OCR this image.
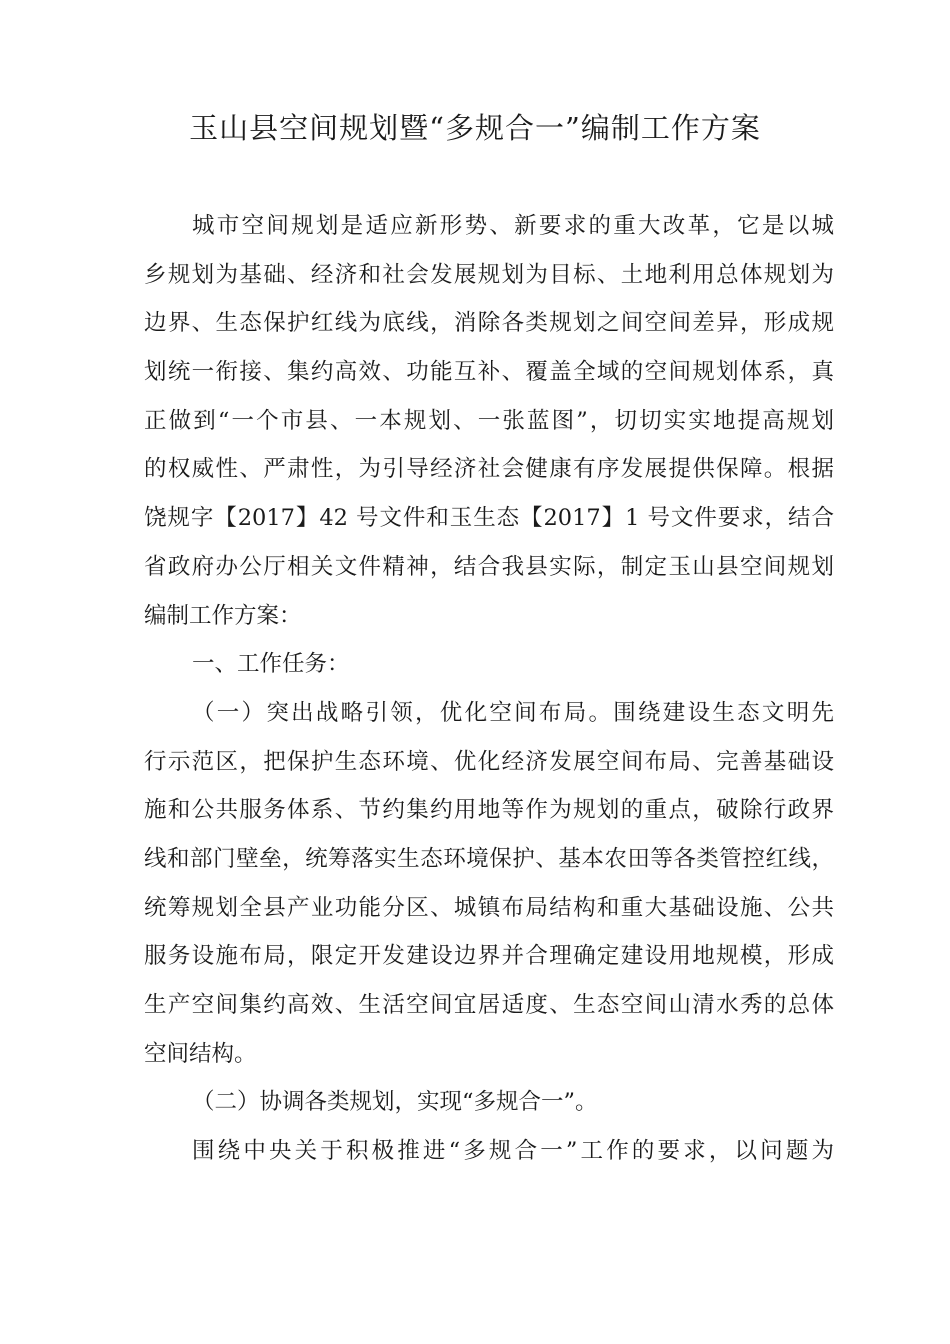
玉山县空间规划暨“多规合一”编制工作方案
城市空间规划是适应新形势、新要求的重大改革，它是以城
乡规划为基础、经济和社会发展规划为目标、土地利用总体规划为
边界、生态保护红线为底线，消除各类规划之间空间差异，形成规
划统一衔接、集约高效、功能互补、覆盖全域的空间规划体系，真
正做到“一个市县、一本规划、一张蓝图”，切切实实地提高规划
的权威性、严肃性，为引导经济社会健康有序发展提供保障。根据
饶规字【2017】42 号文件和玉生态【2017】1 号文件要求，结合
省政府办公厅相关文件精神，结合我县实际，制定玉山县空间规划
编制工作方案：
一、工作任务：
（一）突出战略引领，优化空间布局。围绕建设生态文明先
行示范区，把保护生态环境、优化经济发展空间布局、完善基础设
施和公共服务体系、节约集约用地等作为规划的重点，破除行政界
线和部门壁垒，统筹落实生态环境保护、基本农田等各类管控红线，
统筹规划全县产业功能分区、城镇布局结构和重大基础设施、公共
服务设施布局，限定开发建设边界并合理确定建设用地规模，形成
生产空间集约高效、生活空间宜居适度、生态空间山清水秀的总体
空间结构。
（二）协调各类规划，实现“多规合一”。
围绕中央关于积极推进“多规合一”工作的要求，以问题为
